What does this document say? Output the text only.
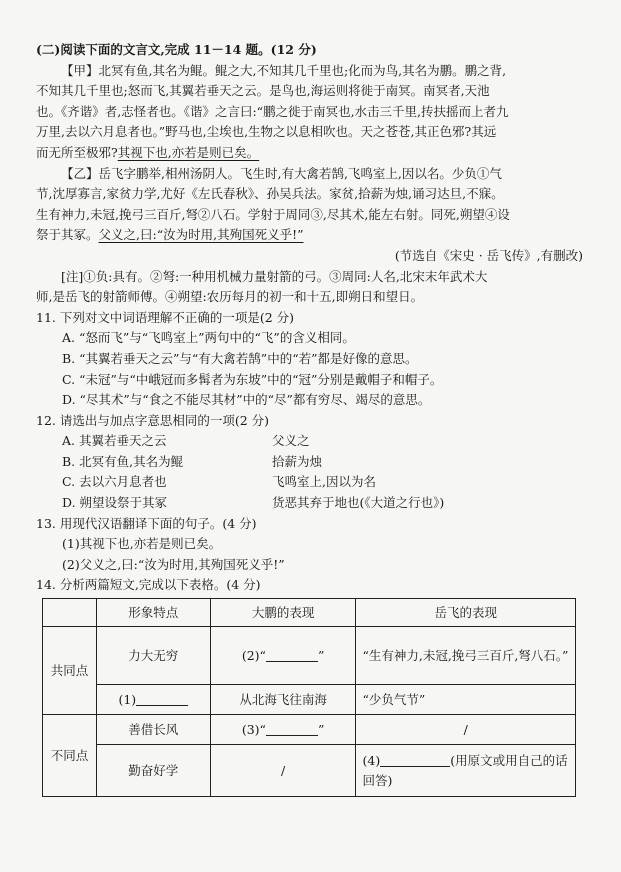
(二)阅读下面的文言文,完成 11－14 题。(12 分)
【甲】北冥有鱼,其名为鲲。鲲之大,不知其几千里也;化而为鸟,其名为鹏。鹏之背,
不知其几千里也;怒而飞,其翼若垂天之云。是鸟也,海运则将徙于南冥。南冥者,天池
也。《齐谐》者,志怪者也。《谐》之言曰:“鹏之徙于南冥也,水击三千里,抟扶摇而上者九
万里,去以六月息者也。”野马也,尘埃也,生物之以息相吹也。天之苍苍,其正色邪?其远
而无所至极邪?其视下也,亦若是则已矣。
【乙】岳飞字鹏举,相州汤阴人。飞生时,有大禽若鹄,飞鸣室上,因以名。少负①气
节,沈厚寡言,家贫力学,尤好《左氏春秋》、孙吴兵法。家贫,拾薪为烛,诵习达旦,不寐。
生有神力,未冠,挽弓三百斤,弩②八石。学射于周同③,尽其术,能左右射。同死,朔望④设
祭于其冢。父义之,曰:“汝为时用,其殉国死义乎!”
(节选自《宋史 · 岳飞传》,有删改)
[注]①负:具有。②弩:一种用机械力量射箭的弓。③周同:人名,北宋末年武术大
师,是岳飞的射箭师傅。④朔望:农历每月的初一和十五,即朔日和望日。
11. 下列对文中词语理解不正确的一项是(2 分)
A. “怒而飞”与“飞鸣室上”两句中的“飞”的含义相同。
B. “其翼若垂天之云”与“有大禽若鹄”中的“若”都是好像的意思。
C. “未冠”与“中峨冠而多髯者为东坡”中的“冠”分别是戴帽子和帽子。
D. “尽其术”与“食之不能尽其材”中的“尽”都有穷尽、竭尽的意思。
12. 请选出与加点字意思相同的一项(2 分)
A. 其翼若垂天之云	父义之
B. 北冥有鱼,其名为鲲	拾薪为烛
C. 去以六月息者也	飞鸣室上,因以为名
D. 朔望设祭于其冢	货恶其弃于地也(《大道之行也》)
13. 用现代汉语翻译下面的句子。(4 分)
(1)其视下也,亦若是则已矣。
(2)父义之,曰:“汝为时用,其殉国死义乎!”
14. 分析两篇短文,完成以下表格。(4 分)
	形象特点	大鹏的表现	岳飞的表现
共同点	力大无穷	(2)“ ”	“生有神力,未冠,挽弓三百斤,弩八石。”
	(1)	从北海飞往南海	“少负气节”
不同点	善借长风	(3)“ ”	/
	勤奋好学	/	(4) (用原文或用自己的话回答)
